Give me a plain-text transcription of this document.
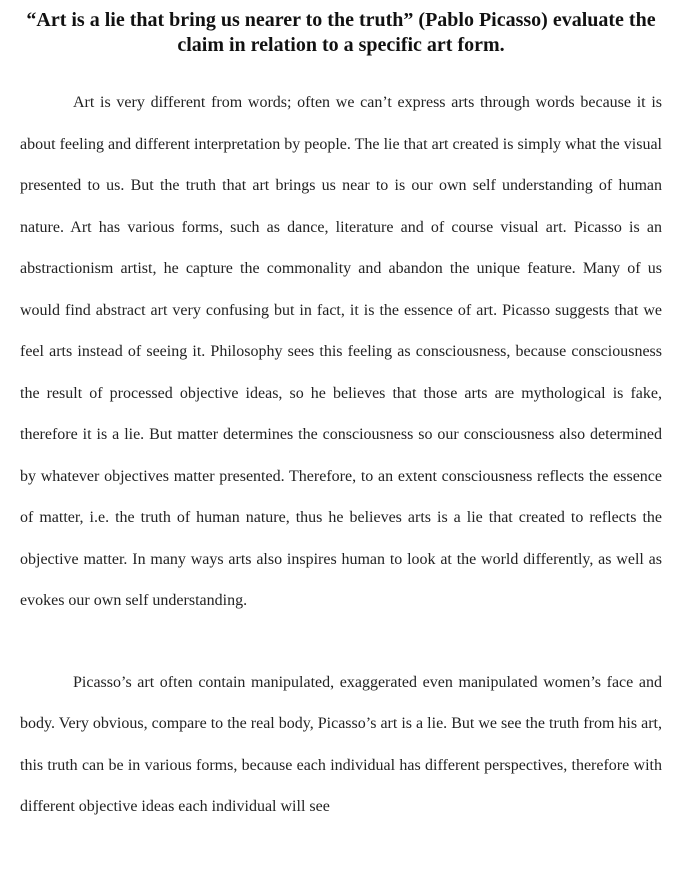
“Art is a lie that bring us nearer to the truth” (Pablo Picasso) evaluate the claim in relation to a specific art form.

Art is very different from words; often we can’t express arts through words because it is about feeling and different interpretation by people. The lie that art created is simply what the visual presented to us. But the truth that art brings us near to is our own self understanding of human nature. Art has various forms, such as dance, literature and of course visual art. Picasso is an abstractionism artist, he capture the commonality and abandon the unique feature. Many of us would find abstract art very confusing but in fact, it is the essence of art. Picasso suggests that we feel arts instead of seeing it. Philosophy sees this feeling as consciousness, because consciousness the result of processed objective ideas, so he believes that those arts are mythological is fake, therefore it is a lie. But matter determines the consciousness so our consciousness also determined by whatever objectives matter presented. Therefore, to an extent consciousness reflects the essence of matter, i.e. the truth of human nature, thus he believes arts is a lie that created to reflects the objective matter. In many ways arts also inspires human to look at the world differently, as well as evokes our own self understanding.

Picasso’s art often contain manipulated, exaggerated even manipulated women’s face and body. Very obvious, compare to the real body, Picasso’s art is a lie. But we see the truth from his art, this truth can be in various forms, because each individual has different perspectives, therefore with different objective ideas each individual will see
